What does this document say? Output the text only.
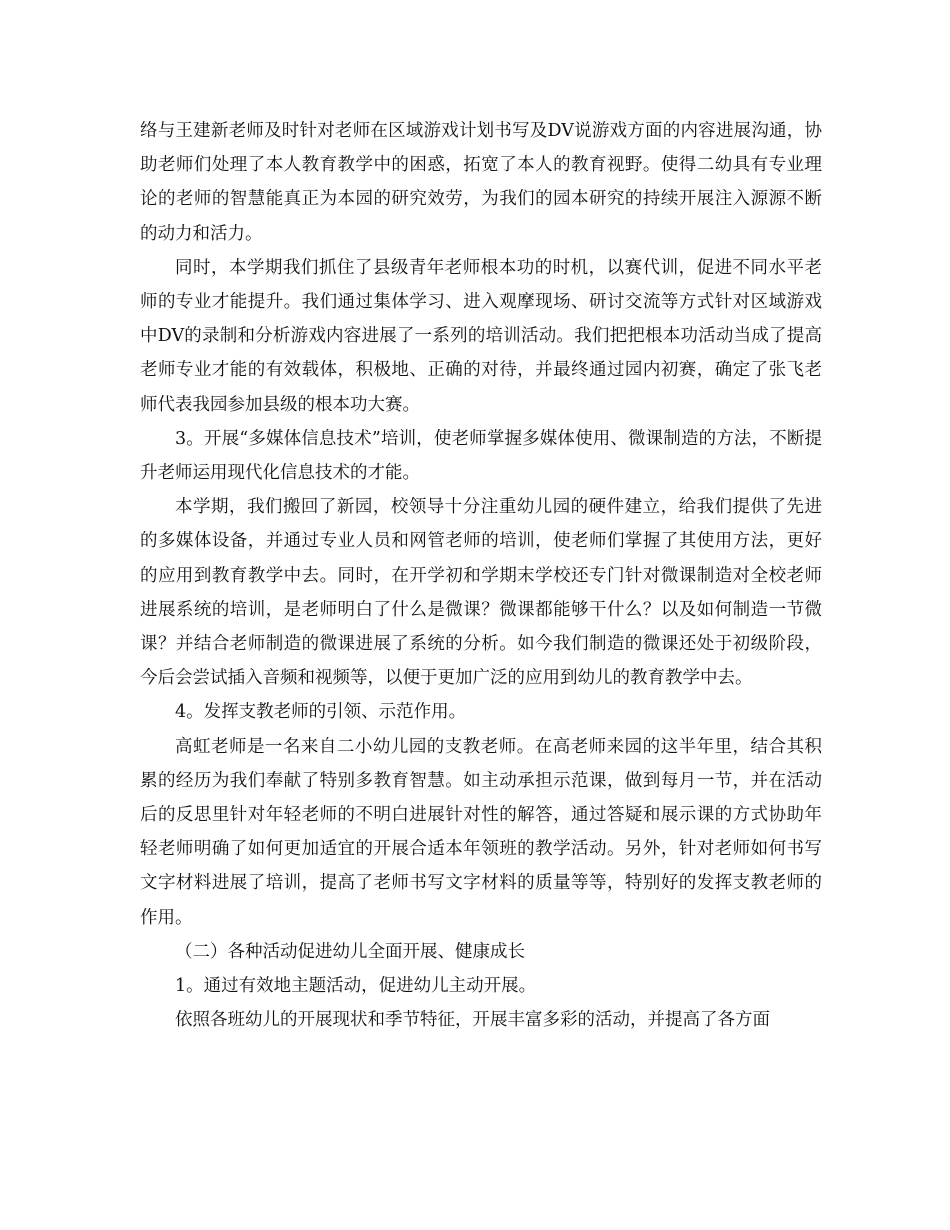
络与王建新老师及时针对老师在区域游戏计划书写及DV说游戏方面的内容进展沟通，协助老师们处理了本人教育教学中的困惑，拓宽了本人的教育视野。使得二幼具有专业理论的老师的智慧能真正为本园的研究效劳，为我们的园本研究的持续开展注入源源不断的动力和活力。

同时，本学期我们抓住了县级青年老师根本功的时机，以赛代训，促进不同水平老师的专业才能提升。我们通过集体学习、进入观摩现场、研讨交流等方式针对区域游戏中DV的录制和分析游戏内容进展了一系列的培训活动。我们把把根本功活动当成了提高老师专业才能的有效载体，积极地、正确的对待，并最终通过园内初赛，确定了张飞老师代表我园参加县级的根本功大赛。

3。开展“多媒体信息技术”培训，使老师掌握多媒体使用、微课制造的方法，不断提升老师运用现代化信息技术的才能。

本学期，我们搬回了新园，校领导十分注重幼儿园的硬件建立，给我们提供了先进的多媒体设备，并通过专业人员和网管老师的培训，使老师们掌握了其使用方法，更好的应用到教育教学中去。同时，在开学初和学期末学校还专门针对微课制造对全校老师进展系统的培训，是老师明白了什么是微课？微课都能够干什么？以及如何制造一节微课？并结合老师制造的微课进展了系统的分析。如今我们制造的微课还处于初级阶段，今后会尝试插入音频和视频等，以便于更加广泛的应用到幼儿的教育教学中去。

4。发挥支教老师的引领、示范作用。

高虹老师是一名来自二小幼儿园的支教老师。在高老师来园的这半年里，结合其积累的经历为我们奉献了特别多教育智慧。如主动承担示范课，做到每月一节，并在活动后的反思里针对年轻老师的不明白进展针对性的解答，通过答疑和展示课的方式协助年轻老师明确了如何更加适宜的开展合适本年领班的教学活动。另外，针对老师如何书写文字材料进展了培训，提高了老师书写文字材料的质量等等，特别好的发挥支教老师的作用。

（二）各种活动促进幼儿全面开展、健康成长

1。通过有效地主题活动，促进幼儿主动开展。

依照各班幼儿的开展现状和季节特征，开展丰富多彩的活动，并提高了各方面
